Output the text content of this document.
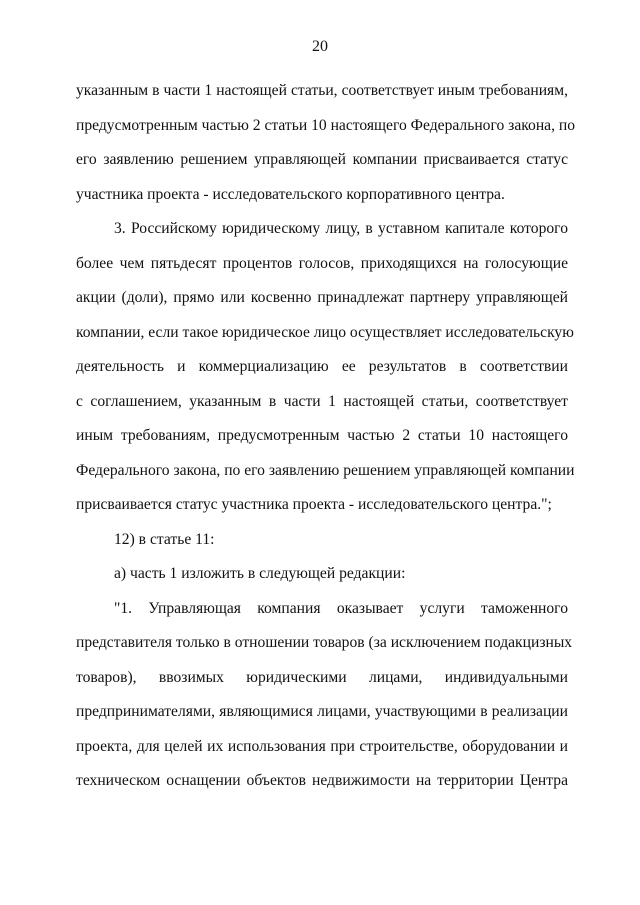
20
указанным в части 1 настоящей статьи, соответствует иным требованиям,
предусмотренным частью 2 статьи 10 настоящего Федерального закона, по
его заявлению решением управляющей компании присваивается статус
участника проекта - исследовательского корпоративного центра.
3. Российскому юридическому лицу, в уставном капитале которого
более чем пятьдесят процентов голосов, приходящихся на голосующие
акции (доли), прямо или косвенно принадлежат партнеру управляющей
компании, если такое юридическое лицо осуществляет исследовательскую
деятельность и коммерциализацию ее результатов в соответствии
с соглашением, указанным в части 1 настоящей статьи, соответствует
иным требованиям, предусмотренным частью 2 статьи 10 настоящего
Федерального закона, по его заявлению решением управляющей компании
присваивается статус участника проекта - исследовательского центра.";
12) в статье 11:
а) часть 1 изложить в следующей редакции:
"1. Управляющая компания оказывает услуги таможенного
представителя только в отношении товаров (за исключением подакцизных
товаров), ввозимых юридическими лицами, индивидуальными
предпринимателями, являющимися лицами, участвующими в реализации
проекта, для целей их использования при строительстве, оборудовании и
техническом оснащении объектов недвижимости на территории Центра
